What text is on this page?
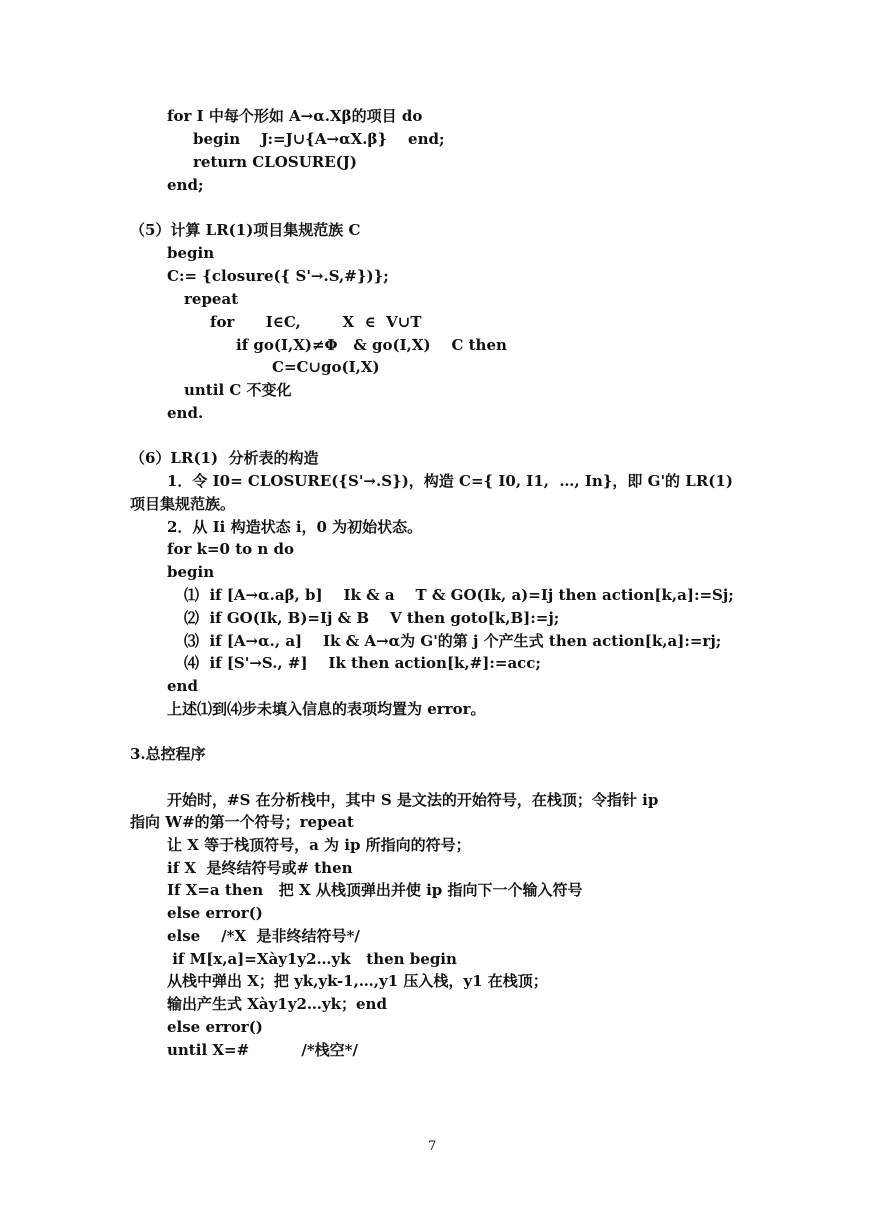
for I 中每个形如 A→α.Xβ的项目 do
begin    J:=J∪{A→αX.β}    end;
return CLOSURE(J)
end;
（5）计算 LR(1)项目集规范族 C
begin
C:= {closure({ S'→.S,#})};
repeat
for      I∈C,        X  ∈  V∪T
if go(I,X)≠Φ   & go(I,X)    C then
C=C∪go(I,X)
until C 不变化
end.
（6）LR(1)  分析表的构造
1．令 I0= CLOSURE({S'→.S})，构造 C={ I0, I1,  …, In}，即 G'的 LR(1)
项目集规范族。
2．从 Ii 构造状态 i，0 为初始状态。
for k=0 to n do
begin
⑴  if [A→α.aβ, b]    Ik & a    T & GO(Ik, a)=Ij then action[k,a]:=Sj;
⑵  if GO(Ik, B)=Ij & B    V then goto[k,B]:=j;
⑶  if [A→α., a]    Ik & A→α为 G'的第 j 个产生式 then action[k,a]:=rj;
⑷  if [S'→S., #]    Ik then action[k,#]:=acc;
end
上述⑴到⑷步未填入信息的表项均置为 error。
3.总控程序
开始时，#S 在分析栈中，其中 S 是文法的开始符号，在栈顶；令指针 ip
指向 W#的第一个符号；repeat
让 X 等于栈顶符号，a 为 ip 所指向的符号；
if X  是终结符号或# then
If X=a then   把 X 从栈顶弹出并使 ip 指向下一个输入符号
else error()
else    /*X  是非终结符号*/
if M[x,a]=Xày1y2…yk   then begin
从栈中弹出 X；把 yk,yk-1,…,y1 压入栈，y1 在栈顶；
输出产生式 Xày1y2…yk；end
else error()
until X=#          /*栈空*/
7
